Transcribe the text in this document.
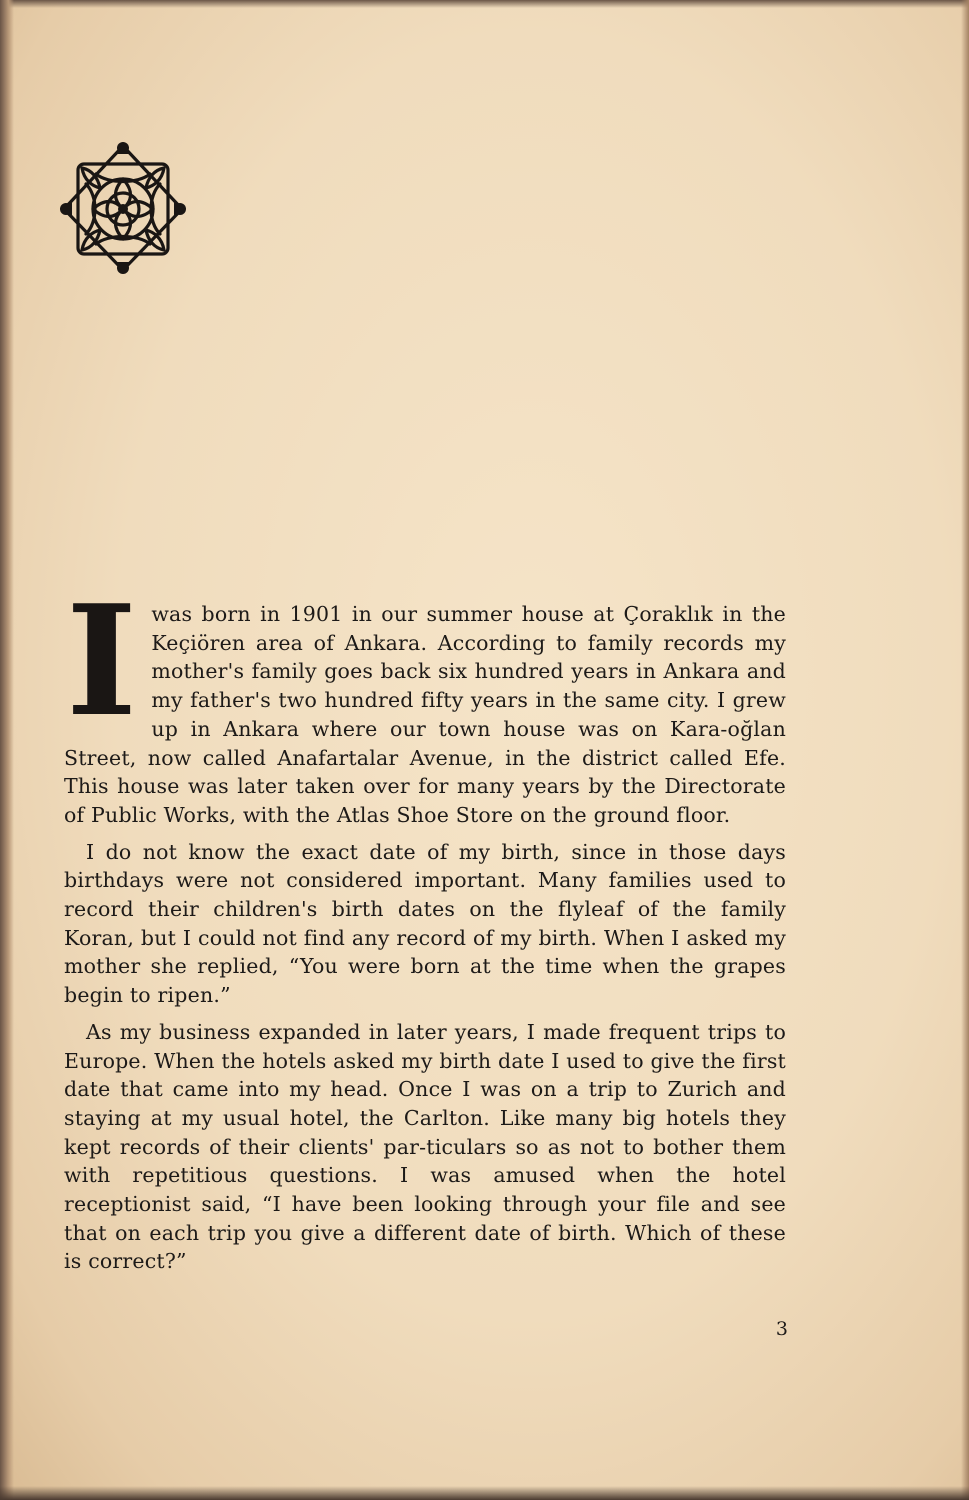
Iwas born in 1901 in our summer house at Çoraklık in the Keçiören area of Ankara. According to family records my mother's family goes back six hundred years in Ankara and my father's two hundred fifty years in the same city. I grew up in Ankara where our town house was on Kara-oğlan Street, now called Anafartalar Avenue, in the district called Efe. This house was later taken over for many years by the Directorate of Public Works, with the Atlas Shoe Store on the ground floor.

I do not know the exact date of my birth, since in those days birthdays were not considered important. Many families used to record their children's birth dates on the flyleaf of the family Koran, but I could not find any record of my birth. When I asked my mother she replied, “You were born at the time when the grapes begin to ripen.”

As my business expanded in later years, I made frequent trips to Europe. When the hotels asked my birth date I used to give the first date that came into my head. Once I was on a trip to Zurich and staying at my usual hotel, the Carlton. Like many big hotels they kept records of their clients' par-ticulars so as not to bother them with repetitious questions. I was amused when the hotel receptionist said, “I have been looking through your file and see that on each trip you give a different date of birth. Which of these is correct?”

3
